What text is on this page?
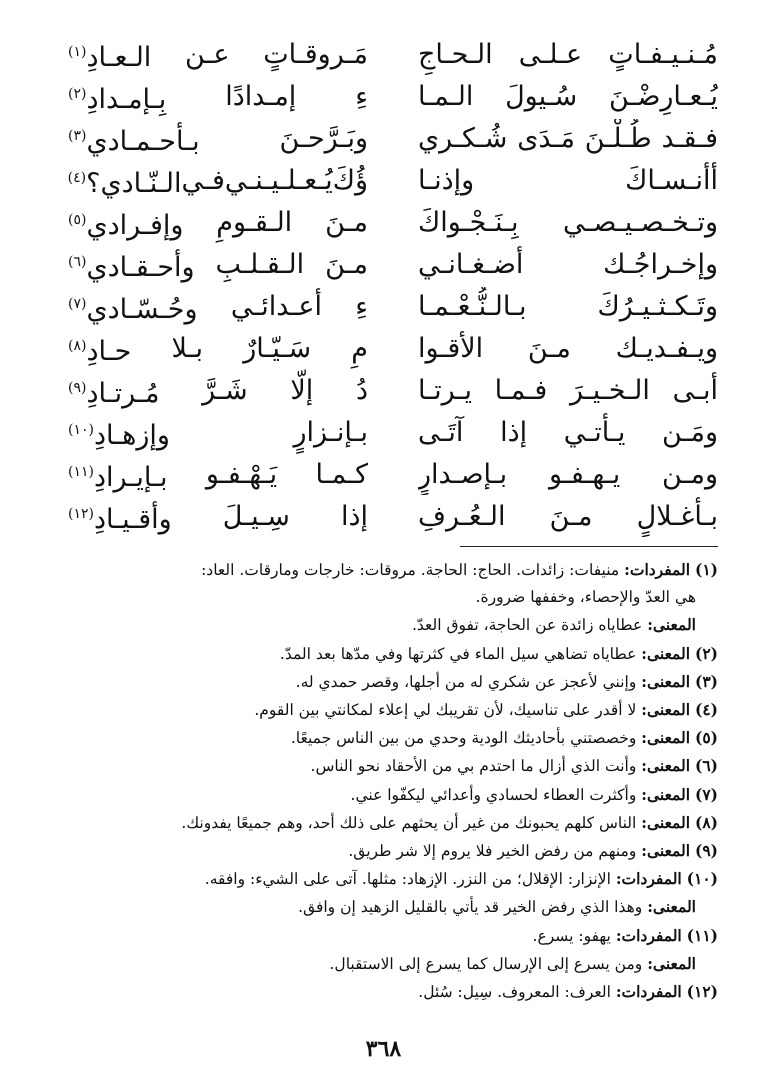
مُـنـيـفـاتٍ
عـلـى
الـحـاجِ
مَـروقـاتٍ
عـن
الـعـادِ$^{(١)}$
يُـعـارِضْـنَ
سُـيولَ
الـمـا
ءِ
إمـدادًا
بِـإمـدادِ$^{(٢)}$
فـقـد
طُـلْـنَ
مَـدَى
شُـكـري
وبَـرَّحـنَ
بـأحـمـادي$^{(٣)}$
أأنـسـاكَ
وإذنـا
ؤُكَ
يُـعـلـيـنـي
فـي
الـنّـادي؟$^{(٤)}$
وتـخـصـيـصـي
بِـنَـجْـواكَ
مـنَ
الـقـومِ
وإفـرادي$^{(٥)}$
وإخـراجُـك
أضـغـانـي
مـنَ
الـقـلـبِ
وأحـقـادي$^{(٦)}$
وتَـكـثـيـرُكَ
بـالـنُّـعْـمـا
ءِ
أعـدائـي
وحُـسّـادي$^{(٧)}$
ويـفـديـك
مـنَ
الأقـوا
مِ
سَـيّـارٌ
بـلا
حـادِ$^{(٨)}$
أبـى
الـخـيـرَ
فـمـا
يـرتـا
دُ
إلّا
شَـرَّ
مُـرتـادِ$^{(٩)}$
ومَـن
يـأتـي
إذا
آتَـى
بـإنـزارٍ
وإزهـادِ$^{(١٠)}$
ومـن
يـهـفـو
بـإصـدارٍ
كـمـا
يَـهْـفـو
بـإيـرادِ$^{(١١)}$
بـأغـلالٍ
مـنَ
الـعُـرفِ
إذا
سِـيـلَ
وأقـيـادِ$^{(١٢)}$
(١) المفردات: منيفات: زائدات. الحاج: الحاجة. مروقات: خارجات ومارقات. العاد:
هي العدّ والإحصاء، وخففها ضرورة.
المعنى: عطاياه زائدة عن الحاجة، تفوق العدّ.
(٢) المعنى: عطاياه تضاهي سيل الماء في كثرتها وفي مدّها بعد المدّ.
(٣) المعنى: وإنني لأعجز عن شكري له من أجلها، وقصر حمدي له.
(٤) المعنى: لا أقدر على تناسيك، لأن تقريبك لي إعلاء لمكانتي بين القوم.
(٥) المعنى: وخصصتني بأحاديثك الودية وحدي من بين الناس جميعًا.
(٦) المعنى: وأنت الذي أزال ما احتدم بي من الأحقاد نحو الناس.
(٧) المعنى: وأكثرت العطاء لحسادي وأعدائي ليكفّوا عني.
(٨) المعنى: الناس كلهم يحبونك من غير أن يحثهم على ذلك أحد، وهم جميعًا يفدونك.
(٩) المعنى: ومنهم من رفض الخير فلا يروم إلا شر طريق.
(١٠) المفردات: الإنزار: الإقلال؛ من النزر. الإزهاد: مثلها. آتى على الشيء: وافقه.
المعنى: وهذا الذي رفض الخير قد يأتي بالقليل الزهيد إن وافق.
(١١) المفردات: يهفو: يسرع.
المعنى: ومن يسرع إلى الإرسال كما يسرع إلى الاستقبال.
(١٢) المفردات: العرف: المعروف. سِيل: سُئل.
٣٦٨
